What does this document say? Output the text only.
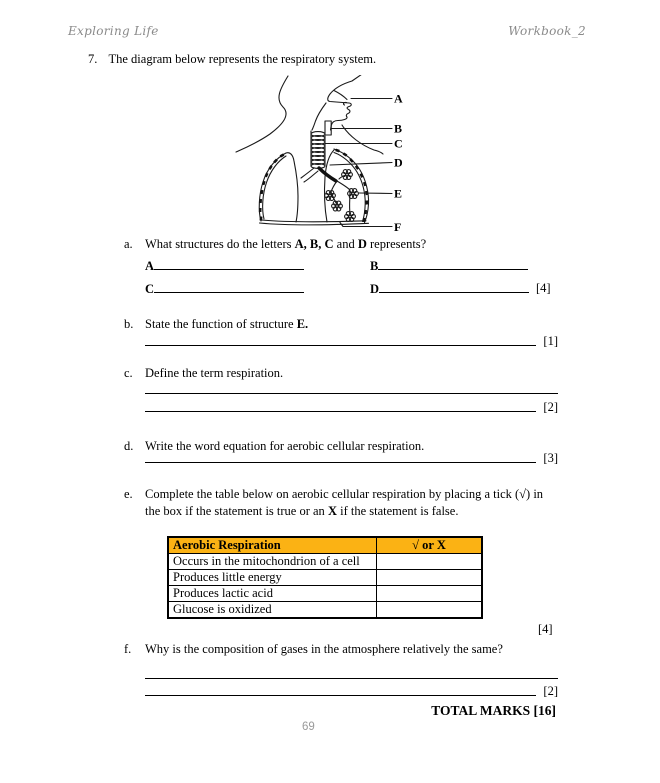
Exploring Life	Workbook_2
7. The diagram below represents the respiratory system.
A
B
C
D
E
F
a. What structures do the letters A, B, C and D represents?
A	B
C	D	[4]
b. State the function of structure E.
[1]
c. Define the term respiration.
[2]
d. Write the word equation for aerobic cellular respiration.
[3]
e. Complete the table below on aerobic cellular respiration by placing a tick (√) in
the box if the statement is true or an X if the statement is false.
Aerobic Respiration	√ or X
Occurs in the mitochondrion of a cell	
Produces little energy	
Produces lactic acid	
Glucose is oxidized	
[4]
f. Why is the composition of gases in the atmosphere relatively the same?
[2]
TOTAL MARKS [16]
69
